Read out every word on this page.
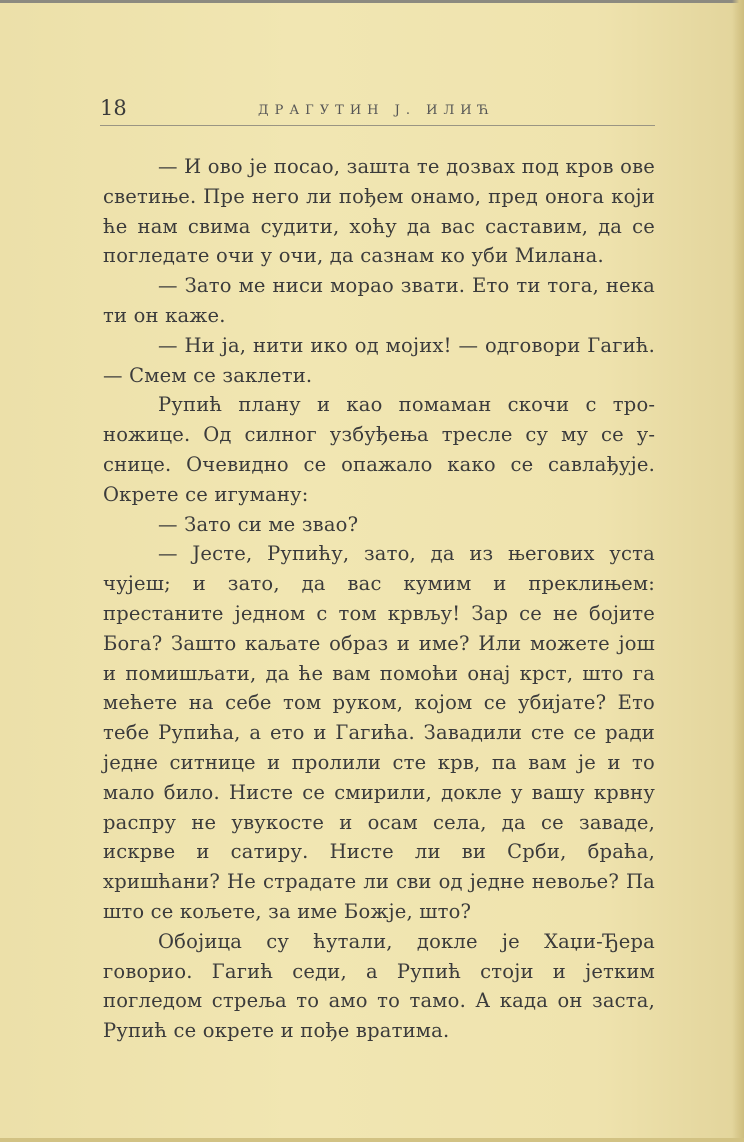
18	ДРАГУТИН Ј. ИЛИЋ

— И ово је посао, зашта те дозвах под кров ове светиње. Пре него ли пођем онамо, пред онога који ће нам свима судити, хоћу да вас саставим, да се погледате очи у очи, да сазнам ко уби Милана.

— Зато ме ниси морао звати. Ето ти тога, нека ти он каже.

— Ни ја, нити ико од мојих! — одговори Гагић. — Смем се заклети.

Рупић плану и као помаман скочи с троножице. Од силног узбуђења тресле су му се уснице. Очевидно се опажало како се савлађује. Окрете се игуману:

— Зато си ме звао?

— Јесте, Рупићу, зато, да из његових уста чујеш; и зато, да вас кумим и преклињем: престаните једном с том крвљу! Зар се не бојите Бога? Зашто каљате образ и име? Или можете још и помишљати, да ће вам помоћи онај крст, што га мећете на себе том руком, којом се убијате? Ето тебе Рупића, а ето и Гагића. Завадили сте се ради једне ситнице и пролили сте крв, па вам је и то мало било. Нисте се смирили, докле у вашу крвну распру не увукосте и осам села, да се заваде, искрве и сатиру. Нисте ли ви Срби, браћа, хришћани? Не страдате ли сви од једне невоље? Па што се кољете, за име Божје, што?

Обојица су ћутали, докле је Хаџи-Ђера говорио. Гагић седи, а Рупић стоји и јетким погледом стреља то амо то тамо. А када он заста, Рупић се окрете и пође вратима.
